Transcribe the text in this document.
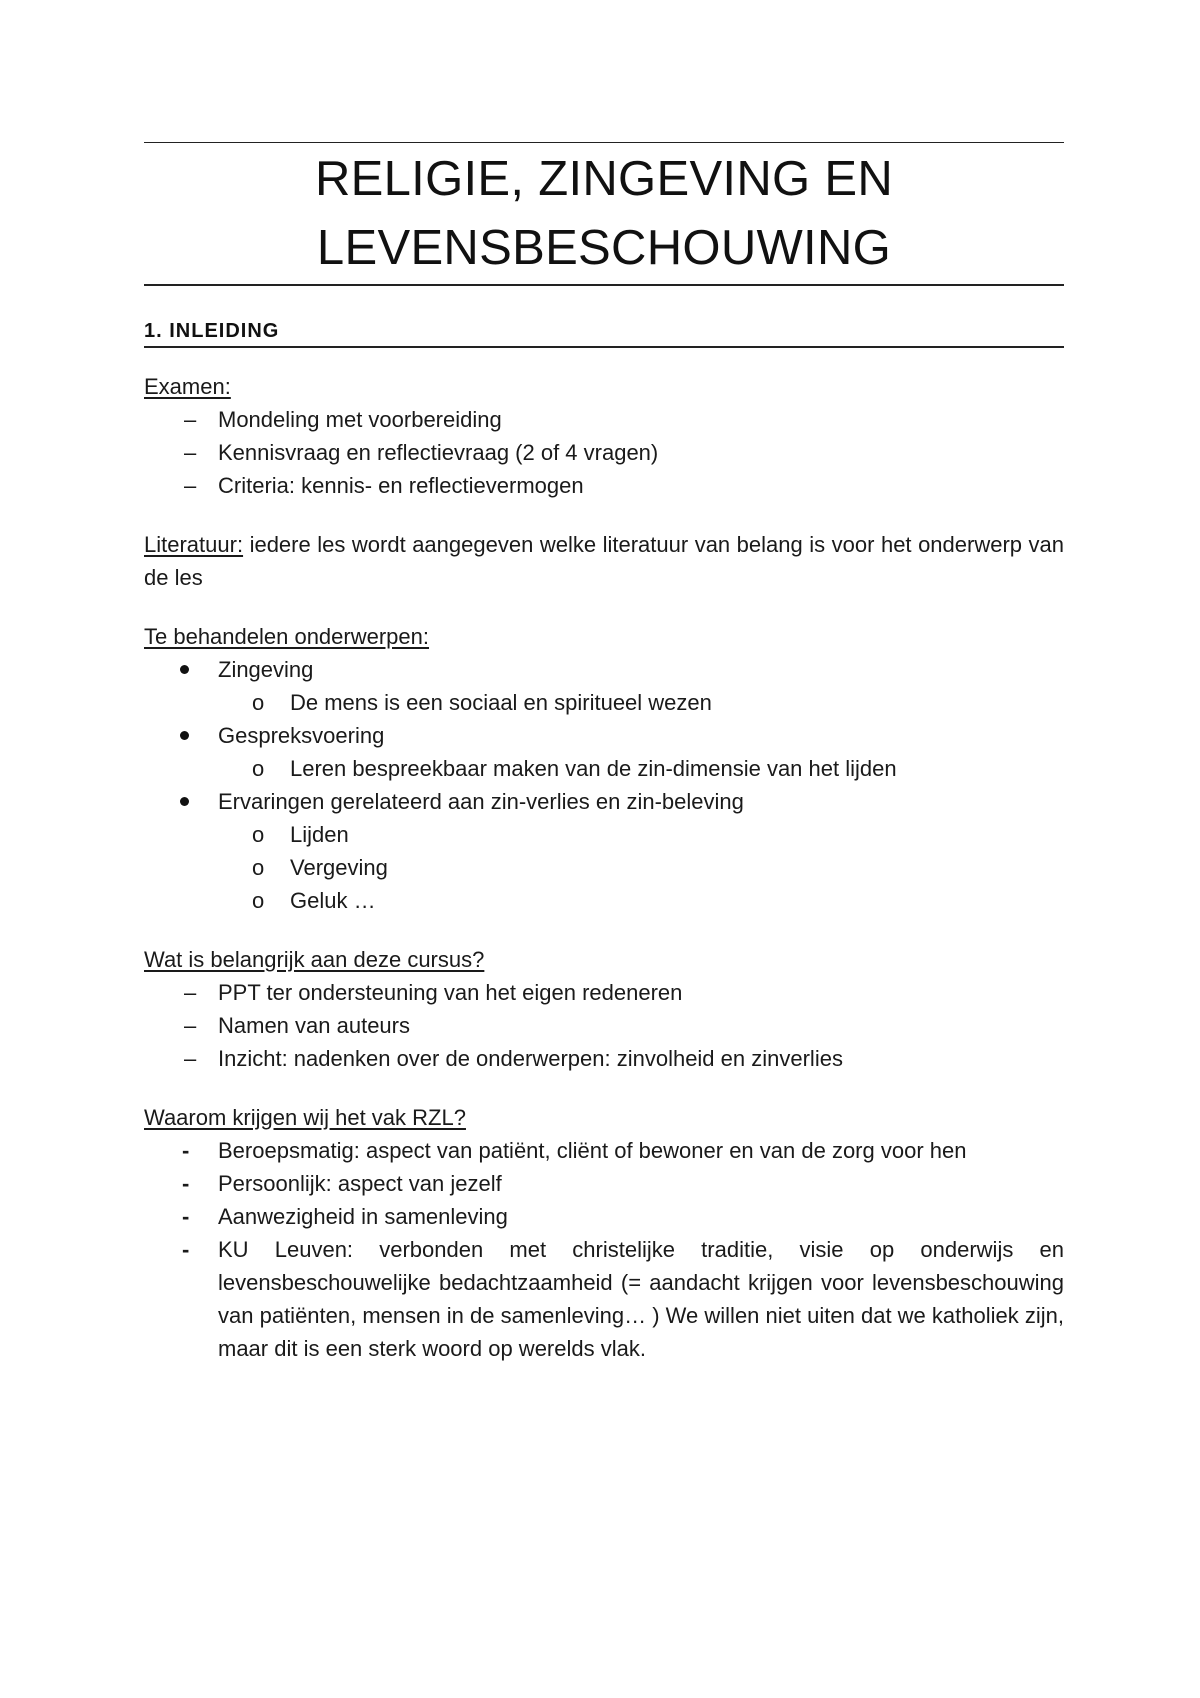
RELIGIE, ZINGEVING EN
LEVENSBESCHOUWING
1. INLEIDING
Examen:
– Mondeling met voorbereiding
– Kennisvraag en reflectievraag (2 of 4 vragen)
– Criteria: kennis- en reflectievermogen
Literatuur: iedere les wordt aangegeven welke literatuur van belang is voor het onderwerp van de les
Te behandelen onderwerpen:
Zingeving
o De mens is een sociaal en spiritueel wezen
Gespreksvoering
o Leren bespreekbaar maken van de zin-dimensie van het lijden
Ervaringen gerelateerd aan zin-verlies en zin-beleving
o Lijden
o Vergeving
o Geluk …
Wat is belangrijk aan deze cursus?
– PPT ter ondersteuning van het eigen redeneren
– Namen van auteurs
– Inzicht: nadenken over de onderwerpen: zinvolheid en zinverlies
Waarom krijgen wij het vak RZL?
- Beroepsmatig: aspect van patiënt, cliënt of bewoner en van de zorg voor hen
- Persoonlijk: aspect van jezelf
- Aanwezigheid in samenleving
- KU Leuven: verbonden met christelijke traditie, visie op onderwijs en levensbeschouwelijke bedachtzaamheid (= aandacht krijgen voor levensbeschouwing van patiënten, mensen in de samenleving… ) We willen niet uiten dat we katholiek zijn, maar dit is een sterk woord op werelds vlak.
